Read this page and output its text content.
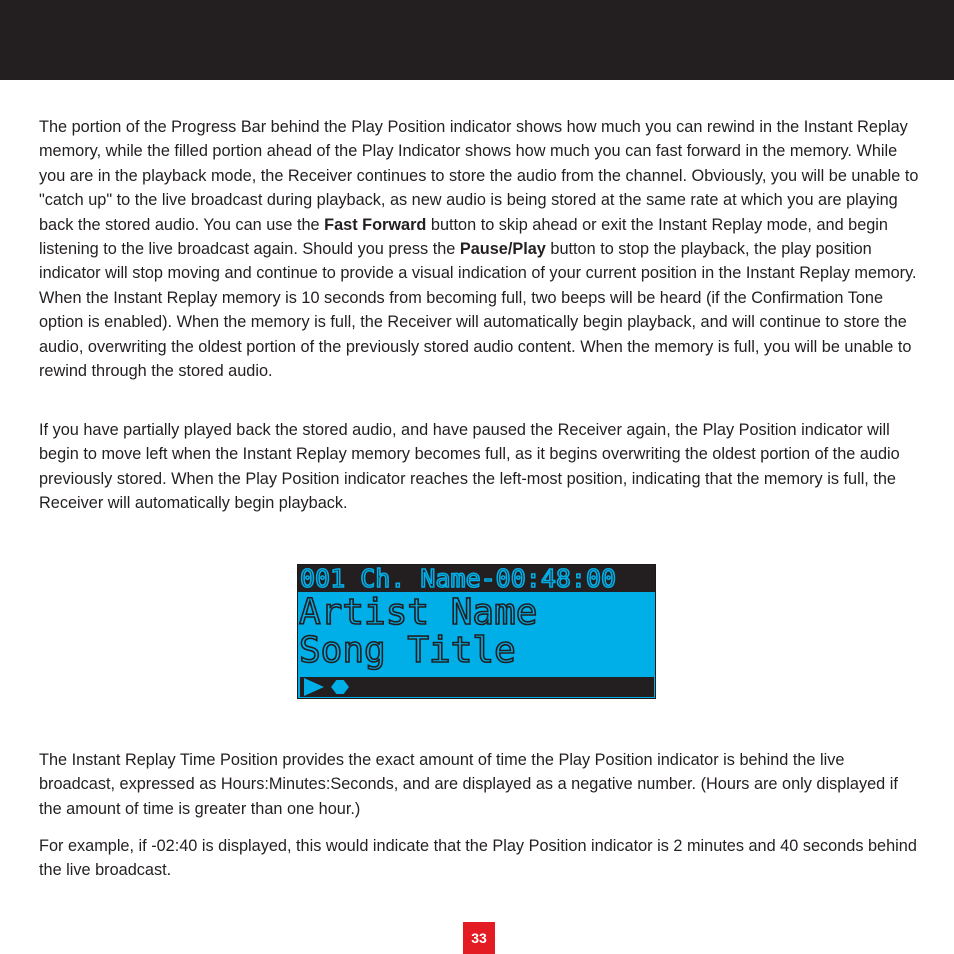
The portion of the Progress Bar behind the Play Position indicator shows how much you can rewind in the Instant Replay memory, while the filled portion ahead of the Play Indicator shows how much you can fast forward in the memory. While you are in the playback mode, the Receiver continues to store the audio from the channel. Obviously, you will be unable to "catch up" to the live broadcast during playback, as new audio is being stored at the same rate at which you are playing back the stored audio. You can use the Fast Forward button to skip ahead or exit the Instant Replay mode, and begin listening to the live broadcast again. Should you press the Pause/Play button to stop the playback, the play position indicator will stop moving and continue to provide a visual indication of your current position in the Instant Replay memory. When the Instant Replay memory is 10 seconds from becoming full, two beeps will be heard (if the Confirmation Tone option is enabled). When the memory is full, the Receiver will automatically begin playback, and will continue to store the audio, overwriting the oldest portion of the previously stored audio content. When the memory is full, you will be unable to rewind through the stored audio.

If you have partially played back the stored audio, and have paused the Receiver again, the Play Position indicator will begin to move left when the Instant Replay memory becomes full, as it begins overwriting the oldest portion of the audio previously stored. When the Play Position indicator reaches the left-most position, indicating that the memory is full, the Receiver will automatically begin playback.

001 Ch. Name-00:48:00
Artist Name
Song Title

The Instant Replay Time Position provides the exact amount of time the Play Position indicator is behind the live broadcast, expressed as Hours:Minutes:Seconds, and are displayed as a negative number. (Hours are only displayed if the amount of time is greater than one hour.)

For example, if -02:40 is displayed, this would indicate that the Play Position indicator is 2 minutes and 40 seconds behind the live broadcast.

33
